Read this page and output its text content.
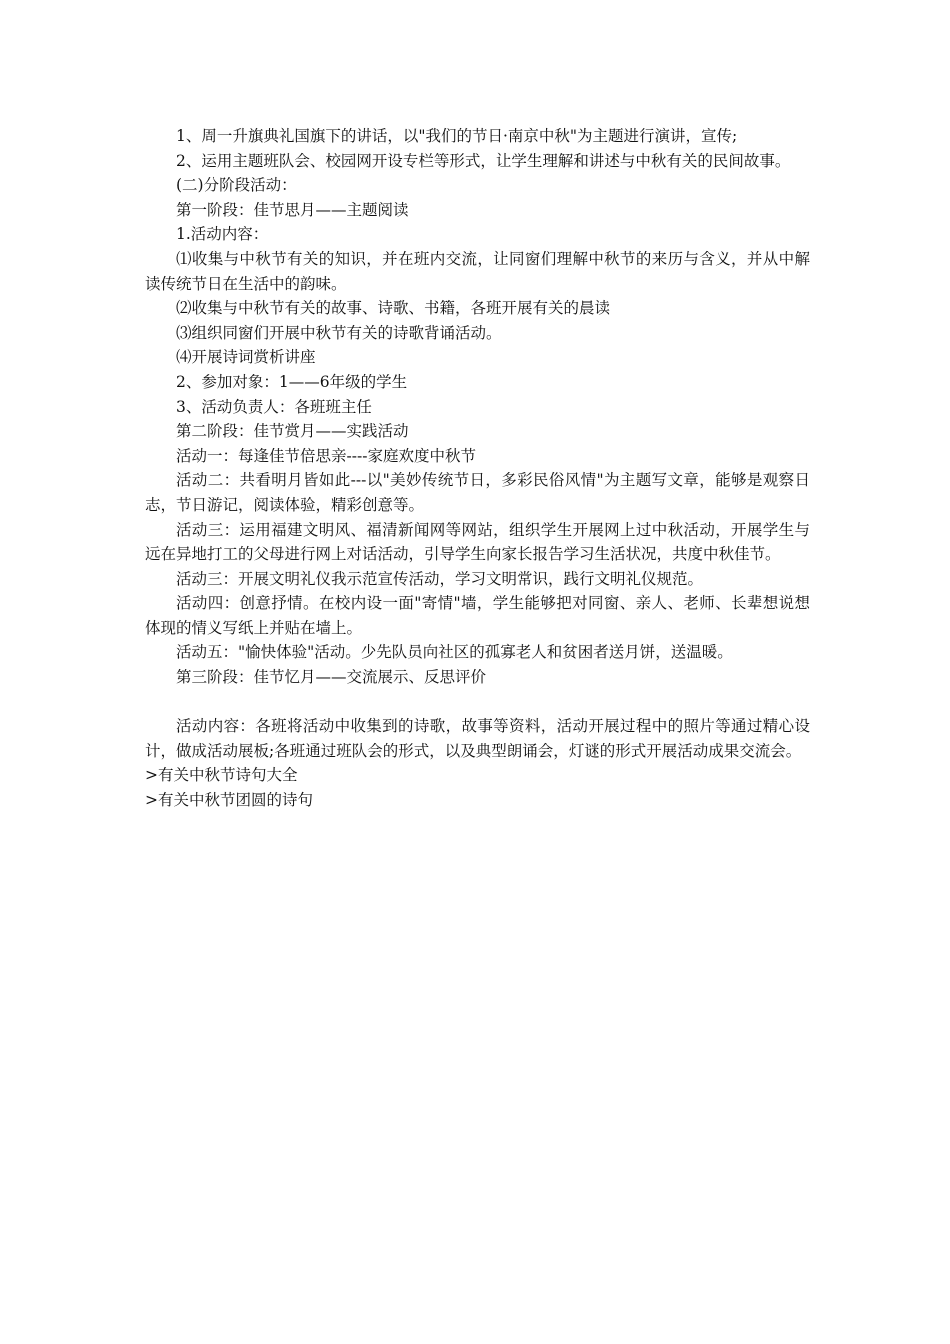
1、周一升旗典礼国旗下的讲话，以"我们的节日·南京中秋"为主题进行演讲，宣传;

2、运用主题班队会、校园网开设专栏等形式，让学生理解和讲述与中秋有关的民间故事。

(二)分阶段活动：

第一阶段：佳节思月——主题阅读

1.活动内容：

⑴收集与中秋节有关的知识，并在班内交流，让同窗们理解中秋节的来历与含义，并从中解读传统节日在生活中的韵味。

⑵收集与中秋节有关的故事、诗歌、书籍，各班开展有关的晨读

⑶组织同窗们开展中秋节有关的诗歌背诵活动。

⑷开展诗词赏析讲座

2、参加对象：1——6年级的学生

3、活动负责人：各班班主任

第二阶段：佳节赏月——实践活动

活动一：每逢佳节倍思亲----家庭欢度中秋节

活动二：共看明月皆如此---以"美妙传统节日，多彩民俗风情"为主题写文章，能够是观察日志，节日游记，阅读体验，精彩创意等。

活动三：运用福建文明风、福清新闻网等网站，组织学生开展网上过中秋活动，开展学生与远在异地打工的父母进行网上对话活动，引导学生向家长报告学习生活状况，共度中秋佳节。

活动三：开展文明礼仪我示范宣传活动，学习文明常识，践行文明礼仪规范。

活动四：创意抒情。在校内设一面"寄情"墙，学生能够把对同窗、亲人、老师、长辈想说想体现的情义写纸上并贴在墙上。

活动五："愉快体验"活动。少先队员向社区的孤寡老人和贫困者送月饼，送温暖。

第三阶段：佳节忆月——交流展示、反思评价

活动内容：各班将活动中收集到的诗歌，故事等资料，活动开展过程中的照片等通过精心设计，做成活动展板;各班通过班队会的形式，以及典型朗诵会，灯谜的形式开展活动成果交流会。

>有关中秋节诗句大全
>有关中秋节团圆的诗句
